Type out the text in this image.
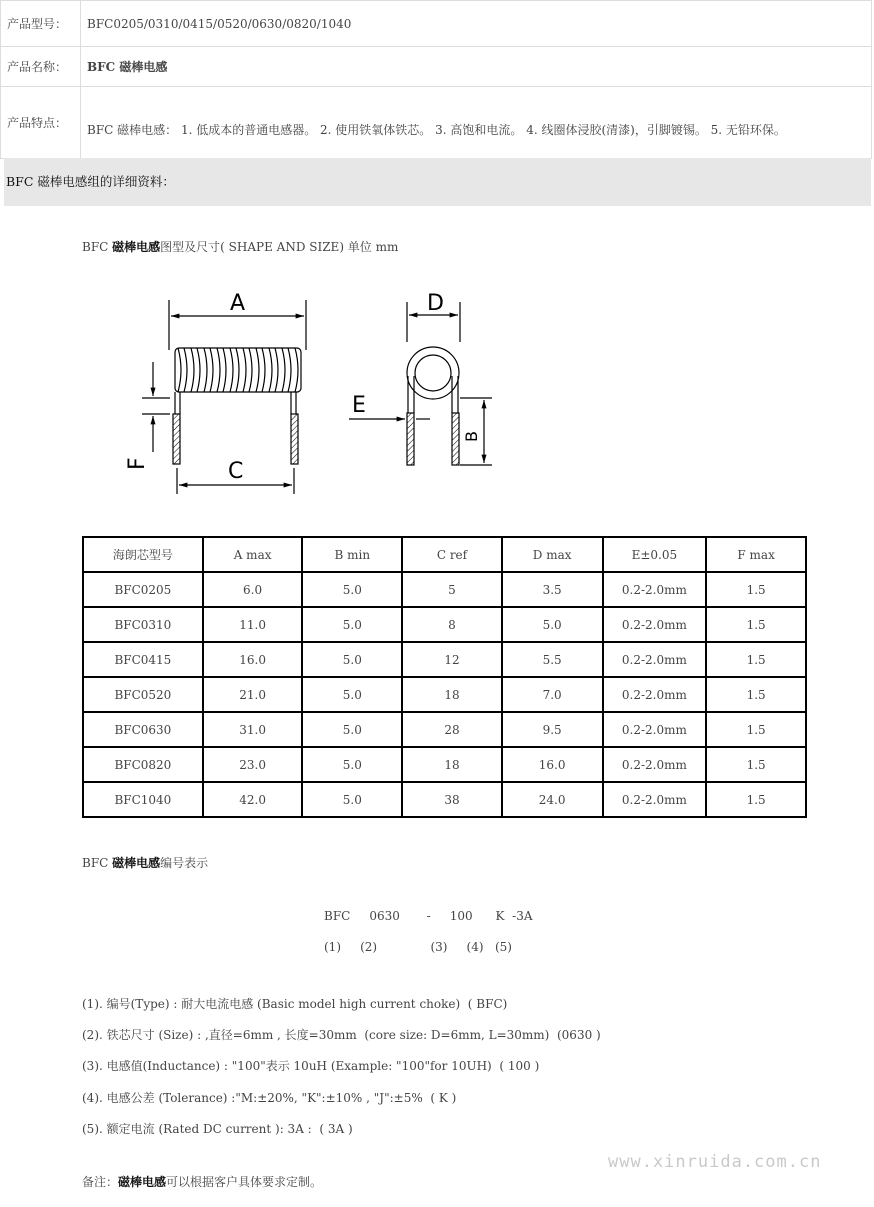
产品型号：	BFC0205/0310/0415/0520/0630/0820/1040
产品名称：	BFC 磁棒电感
产品特点：	BFC 磁棒电感： 1. 低成本的普通电感器。 2. 使用铁氧体铁芯。 3. 高饱和电流。 4. 线圈体浸胶(清漆)，引脚镀锡。 5. 无铅环保。
BFC 磁棒电感组的详细资料：
BFC 磁棒电感图型及尺寸( SHAPE AND SIZE) 单位 mm
A
C
D
E
F
B
海朗芯型号	A max	B min	C ref	D max	E±0.05	F max
BFC0205	6.0	5.0	5	3.5	0.2-2.0mm	1.5
BFC0310	11.0	5.0	8	5.0	0.2-2.0mm	1.5
BFC0415	16.0	5.0	12	5.5	0.2-2.0mm	1.5
BFC0520	21.0	5.0	18	7.0	0.2-2.0mm	1.5
BFC0630	31.0	5.0	28	9.5	0.2-2.0mm	1.5
BFC0820	23.0	5.0	18	16.0	0.2-2.0mm	1.5
BFC1040	42.0	5.0	38	24.0	0.2-2.0mm	1.5
BFC 磁棒电感编号表示
BFC     0630       -     100      K  -3A
(1)     (2)              (3)     (4)   (5)
(1). 编号(Type) : 耐大电流电感 (Basic model high current choke)  ( BFC)
(2). 铁芯尺寸 (Size) : ,直径=6mm , 长度=30mm  (core size: D=6mm, L=30mm)  (0630 )
(3). 电感值(Inductance) : "100"表示 10uH (Example: "100"for 10UH)  ( 100 )
(4). 电感公差 (Tolerance) :"M:±20%, "K":±10% , "J":±5%  ( K )
(5). 额定电流 (Rated DC current ): 3A :  ( 3A )
www.xinruida.com.cn
备注：磁棒电感可以根据客户具体要求定制。
